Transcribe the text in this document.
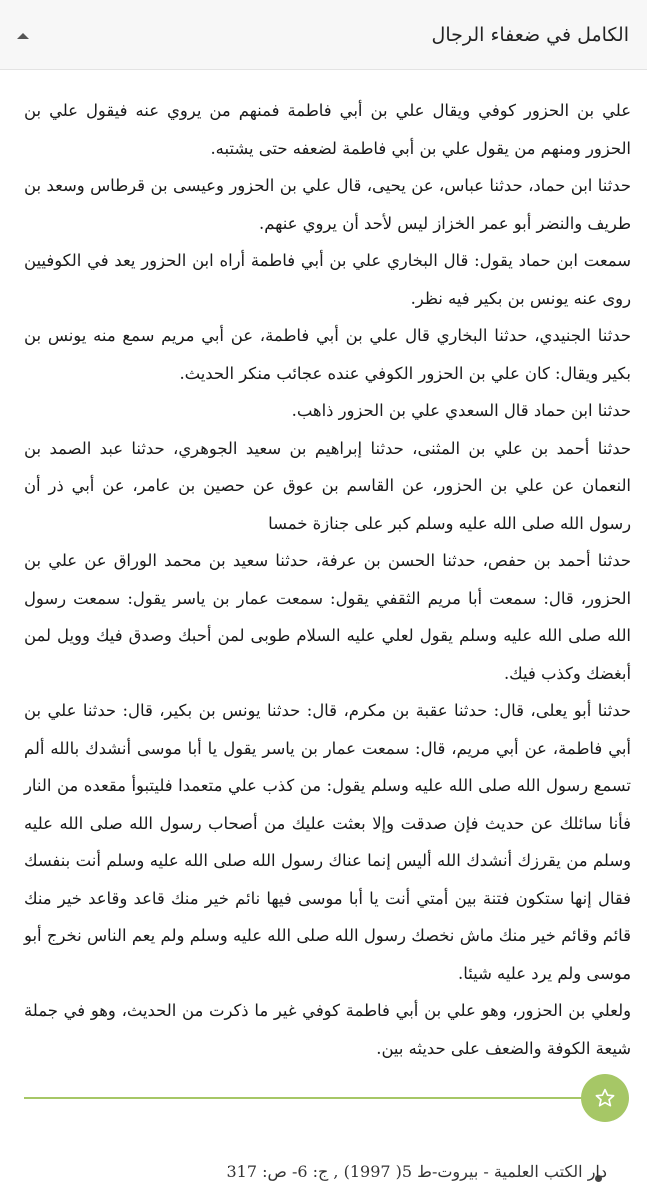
الكامل في ضعفاء الرجال

علي بن الحزور كوفي ويقال علي بن أبي فاطمة فمنهم من يروي عنه فيقول علي بن الحزور ومنهم من يقول علي بن أبي فاطمة لضعفه حتى يشتبه.

حدثنا ابن حماد، حدثنا عباس، عن يحيى، قال علي بن الحزور وعيسى بن قرطاس وسعد بن طريف والنضر أبو عمر الخزاز ليس لأحد أن يروي عنهم.

سمعت ابن حماد يقول: قال البخاري علي بن أبي فاطمة أراه ابن الحزور يعد في الكوفيين روى عنه يونس بن بكير فيه نظر.

حدثنا الجنيدي، حدثنا البخاري قال علي بن أبي فاطمة، عن أبي مريم سمع منه يونس بن بكير ويقال: كان علي بن الحزور الكوفي عنده عجائب منكر الحديث.

حدثنا ابن حماد قال السعدي علي بن الحزور ذاهب.

حدثنا أحمد بن علي بن المثنى، حدثنا إبراهيم بن سعيد الجوهري، حدثنا عبد الصمد بن النعمان عن علي بن الحزور، عن القاسم بن عوق عن حصين بن عامر، عن أبي ذر أن رسول الله صلى الله عليه وسلم كبر على جنازة خمسا

حدثنا أحمد بن حفص، حدثنا الحسن بن عرفة، حدثنا سعيد بن محمد الوراق عن علي بن الحزور، قال: سمعت أبا مريم الثقفي يقول: سمعت عمار بن ياسر يقول: سمعت رسول الله صلى الله عليه وسلم يقول لعلي عليه السلام طوبى لمن أحبك وصدق فيك وويل لمن أبغضك وكذب فيك.

حدثنا أبو يعلى، قال: حدثنا عقبة بن مكرم، قال: حدثنا يونس بن بكير، قال: حدثنا علي بن أبي فاطمة، عن أبي مريم، قال: سمعت عمار بن ياسر يقول يا أبا موسى أنشدك بالله ألم تسمع رسول الله صلى الله عليه وسلم يقول: من كذب علي متعمدا فليتبوأ مقعده من النار فأنا سائلك عن حديث فإن صدقت وإلا بعثت عليك من أصحاب رسول الله صلى الله عليه وسلم من يقرزك أنشدك الله أليس إنما عناك رسول الله صلى الله عليه وسلم أنت بنفسك فقال إنها ستكون فتنة بين أمتي أنت يا أبا موسى فيها نائم خير منك قاعد وقاعد خير منك قائم وقائم خير منك ماش نخصك رسول الله صلى الله عليه وسلم ولم يعم الناس نخرج أبو موسى ولم يرد عليه شيئا.

ولعلي بن الحزور، وهو علي بن أبي فاطمة كوفي غير ما ذكرت من الحديث، وهو في جملة شيعة الكوفة والضعف على حديثه بين.

دار الكتب العلمية - بيروت-ط 5( 1997) , ج: 6- ص: 317
